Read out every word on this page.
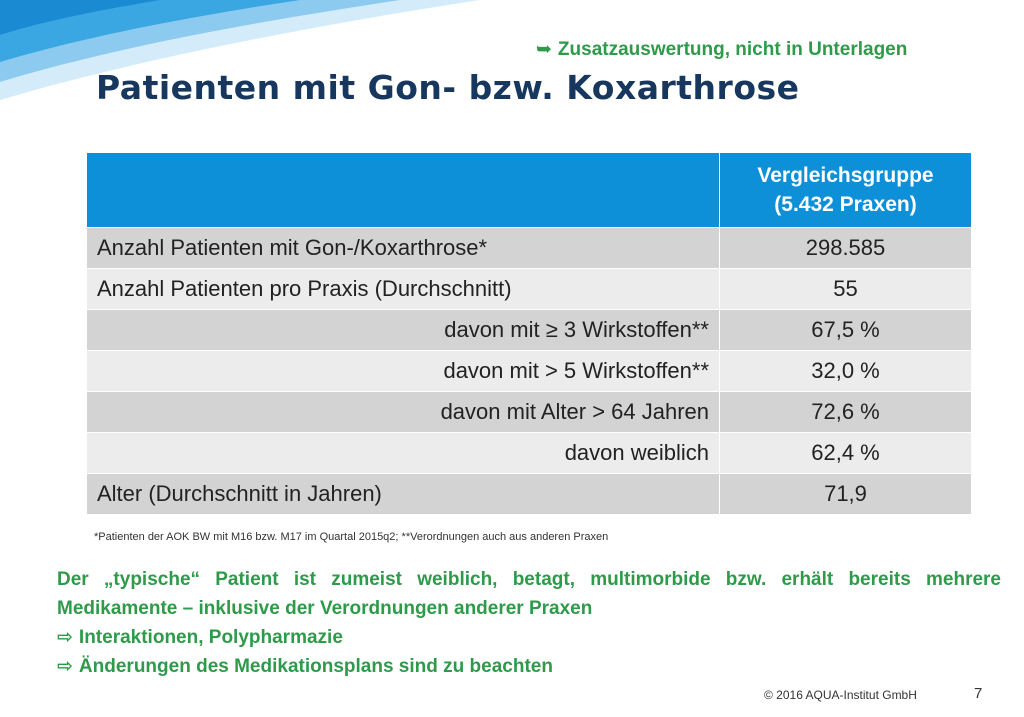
➥ Zusatzauswertung, nicht in Unterlagen
Patienten mit Gon- bzw. Koxarthrose

	Vergleichsgruppe
(5.432 Praxen)

Anzahl Patienten mit Gon-/Koxarthrose*	298.585
Anzahl Patienten pro Praxis (Durchschnitt)	55
davon mit ≥ 3 Wirkstoffen**	67,5 %
davon mit > 5 Wirkstoffen**	32,0 %
davon mit Alter > 64 Jahren	72,6 %
davon weiblich	62,4 %
Alter (Durchschnitt in Jahren)	71,9
*Patienten der AOK BW mit M16 bzw. M17 im Quartal 2015q2; **Verordnungen auch aus anderen Praxen
Der „typische“ Patient ist zumeist weiblich, betagt, multimorbide bzw. erhält bereits mehrere Medikamente – inklusive der Verordnungen anderer Praxen
⇨ Interaktionen, Polypharmazie
⇨ Änderungen des Medikationsplans sind zu beachten
© 2016 AQUA-Institut GmbH	7
